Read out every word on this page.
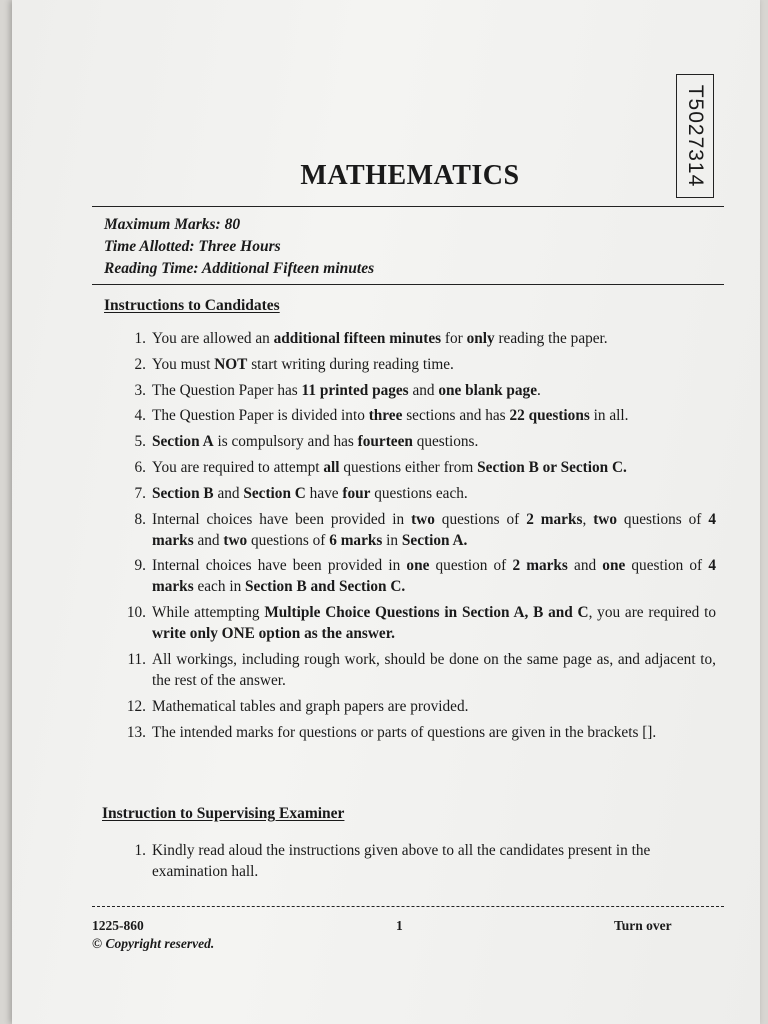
T5027314
MATHEMATICS
Maximum Marks: 80
Time Allotted: Three Hours
Reading Time: Additional Fifteen minutes
Instructions to Candidates
1. You are allowed an additional fifteen minutes for only reading the paper.
2. You must NOT start writing during reading time.
3. The Question Paper has 11 printed pages and one blank page.
4. The Question Paper is divided into three sections and has 22 questions in all.
5. Section A is compulsory and has fourteen questions.
6. You are required to attempt all questions either from Section B or Section C.
7. Section B and Section C have four questions each.
8. Internal choices have been provided in two questions of 2 marks, two questions of 4 marks and two questions of 6 marks in Section A.
9. Internal choices have been provided in one question of 2 marks and one question of 4 marks each in Section B and Section C.
10. While attempting Multiple Choice Questions in Section A, B and C, you are required to write only ONE option as the answer.
11. All workings, including rough work, should be done on the same page as, and adjacent to, the rest of the answer.
12. Mathematical tables and graph papers are provided.
13. The intended marks for questions or parts of questions are given in the brackets [].
Instruction to Supervising Examiner
1. Kindly read aloud the instructions given above to all the candidates present in the examination hall.
1225-860
© Copyright reserved.
1	Turn over
